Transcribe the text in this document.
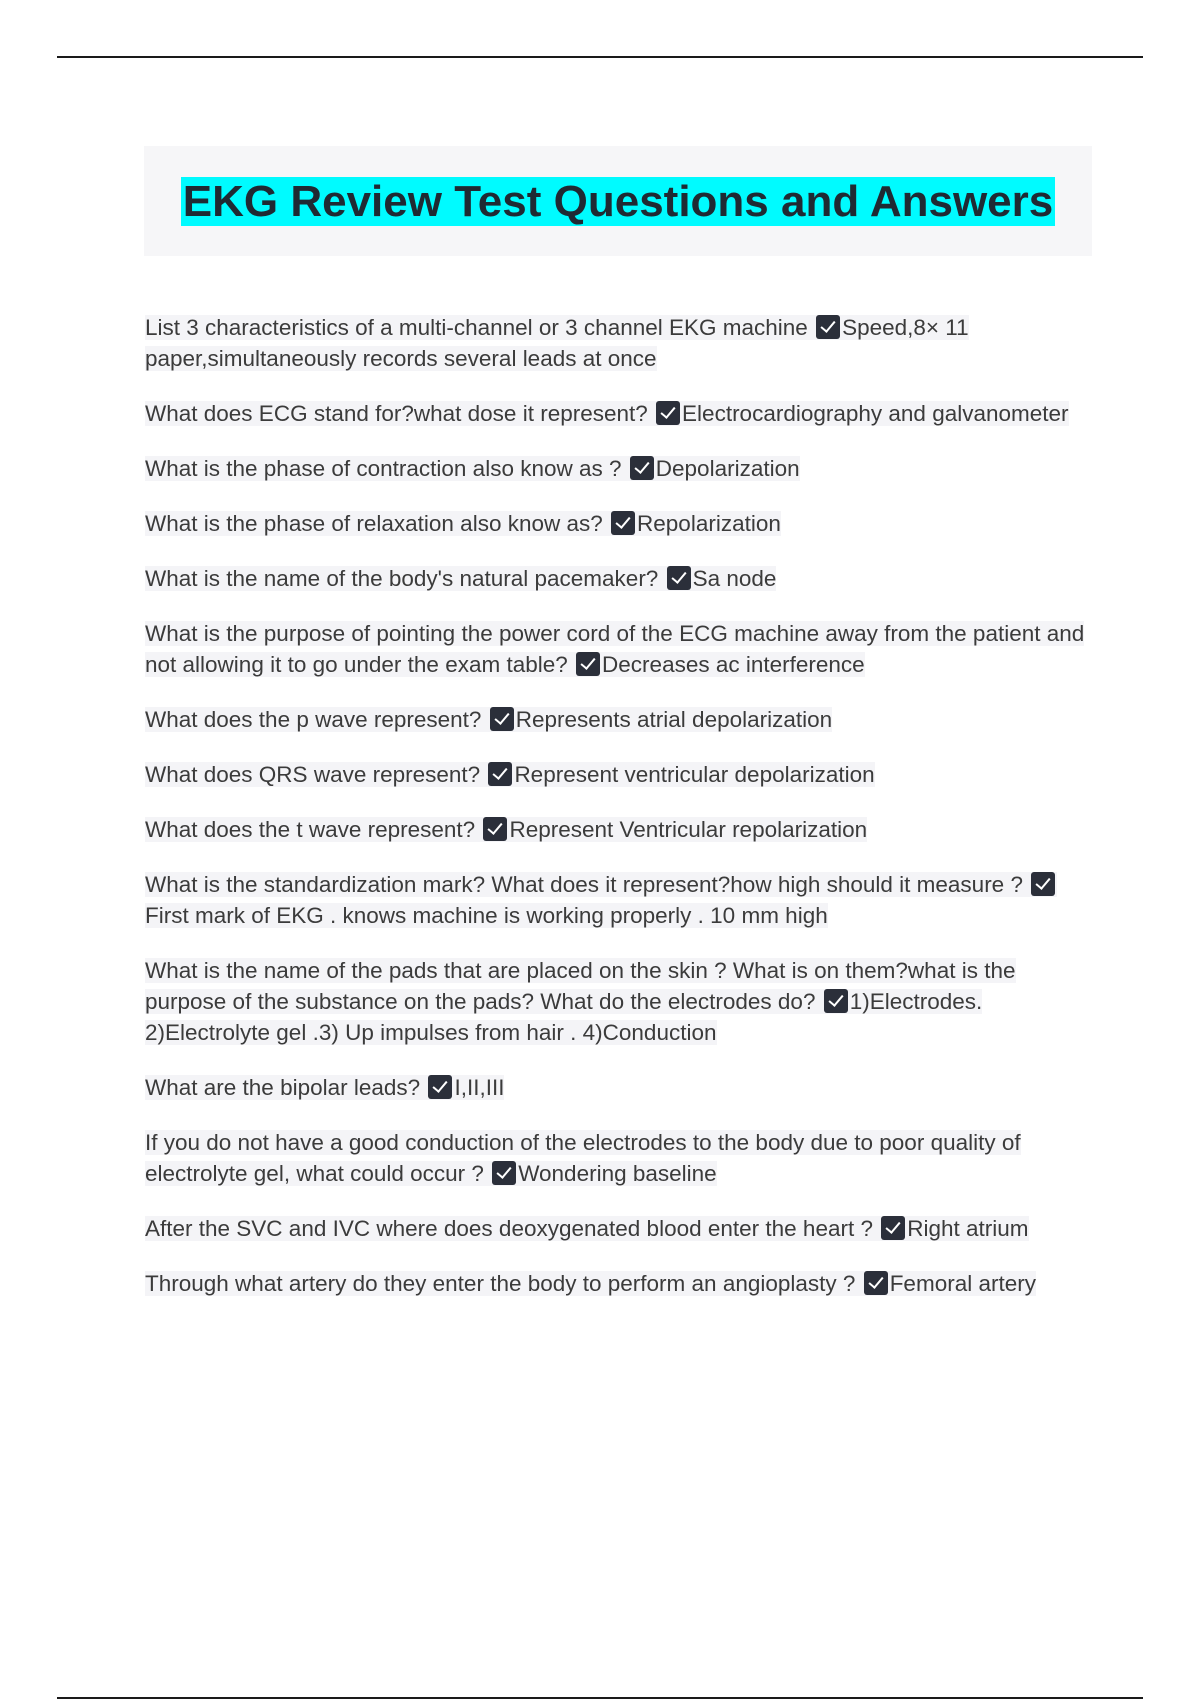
EKG Review Test Questions and Answers

List 3 characteristics of a multi-channel or 3 channel EKG machine Speed,8× 11 paper,simultaneously records several leads at once

What does ECG stand for?what dose it represent? Electrocardiography and galvanometer

What is the phase of contraction also know as ? Depolarization

What is the phase of relaxation also know as? Repolarization

What is the name of the body's natural pacemaker? Sa node

What is the purpose of pointing the power cord of the ECG machine away from the patient and not allowing it to go under the exam table? Decreases ac interference

What does the p wave represent? Represents atrial depolarization

What does QRS wave represent? Represent ventricular depolarization

What does the t wave represent? Represent Ventricular repolarization

What is the standardization mark? What does it represent?how high should it measure ? First mark of EKG . knows machine is working properly . 10 mm high

What is the name of the pads that are placed on the skin ? What is on them?what is the purpose of the substance on the pads? What do the electrodes do? 1)Electrodes. 2)Electrolyte gel .3) Up impulses from hair . 4)Conduction

What are the bipolar leads? I,II,III

If you do not have a good conduction of the electrodes to the body due to poor quality of electrolyte gel, what could occur ? Wondering baseline

After the SVC and IVC where does deoxygenated blood enter the heart ? Right atrium

Through what artery do they enter the body to perform an angioplasty ? Femoral artery
